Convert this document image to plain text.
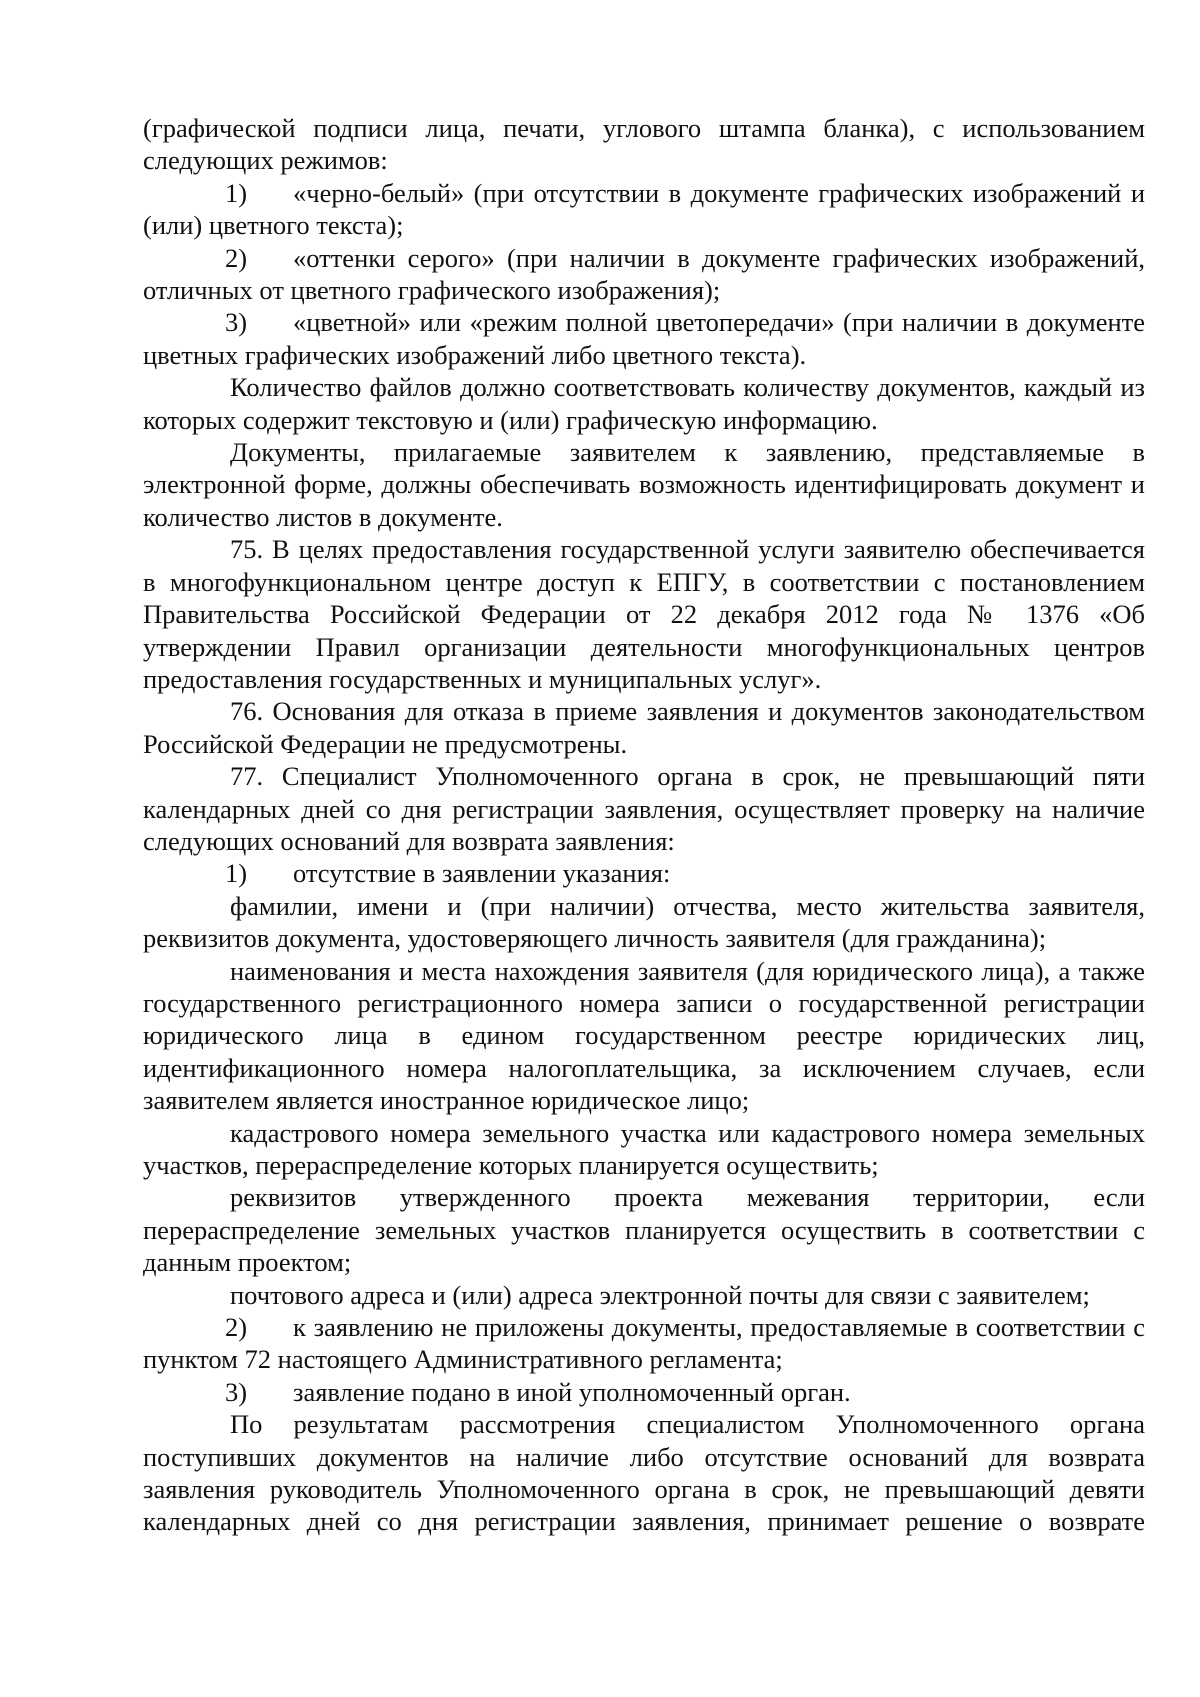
(графической подписи лица, печати, углового штампа бланка), с использованием следующих режимов:

1) «черно-белый» (при отсутствии в документе графических изображений и (или) цветного текста);

2) «оттенки серого» (при наличии в документе графических изображений, отличных от цветного графического изображения);

3) «цветной» или «режим полной цветопередачи» (при наличии в документе цветных графических изображений либо цветного текста).

Количество файлов должно соответствовать количеству документов, каждый из которых содержит текстовую и (или) графическую информацию.

Документы, прилагаемые заявителем к заявлению, представляемые в электронной форме, должны обеспечивать возможность идентифицировать документ и количество листов в документе.

75. В целях предоставления государственной услуги заявителю обеспечивается в многофункциональном центре доступ к ЕПГУ, в соответствии с постановлением Правительства Российской Федерации от 22 декабря 2012 года № 1376 «Об утверждении Правил организации деятельности многофункциональных центров предоставления государственных и муниципальных услуг».

76. Основания для отказа в приеме заявления и документов законодательством Российской Федерации не предусмотрены.

77. Специалист Уполномоченного органа в срок, не превышающий пяти календарных дней со дня регистрации заявления, осуществляет проверку на наличие следующих оснований для возврата заявления:

1) отсутствие в заявлении указания:

фамилии, имени и (при наличии) отчества, место жительства заявителя, реквизитов документа, удостоверяющего личность заявителя (для гражданина);

наименования и места нахождения заявителя (для юридического лица), а также государственного регистрационного номера записи о государственной регистрации юридического лица в едином государственном реестре юридических лиц, идентификационного номера налогоплательщика, за исключением случаев, если заявителем является иностранное юридическое лицо;

кадастрового номера земельного участка или кадастрового номера земельных участков, перераспределение которых планируется осуществить;

реквизитов утвержденного проекта межевания территории, если перераспределение земельных участков планируется осуществить в соответствии с данным проектом;

почтового адреса и (или) адреса электронной почты для связи с заявителем;

2) к заявлению не приложены документы, предоставляемые в соответствии с пунктом 72 настоящего Административного регламента;

3) заявление подано в иной уполномоченный орган.

По результатам рассмотрения специалистом Уполномоченного органа поступивших документов на наличие либо отсутствие оснований для возврата заявления руководитель Уполномоченного органа в срок, не превышающий девяти календарных дней со дня регистрации заявления, принимает решение о возврате
